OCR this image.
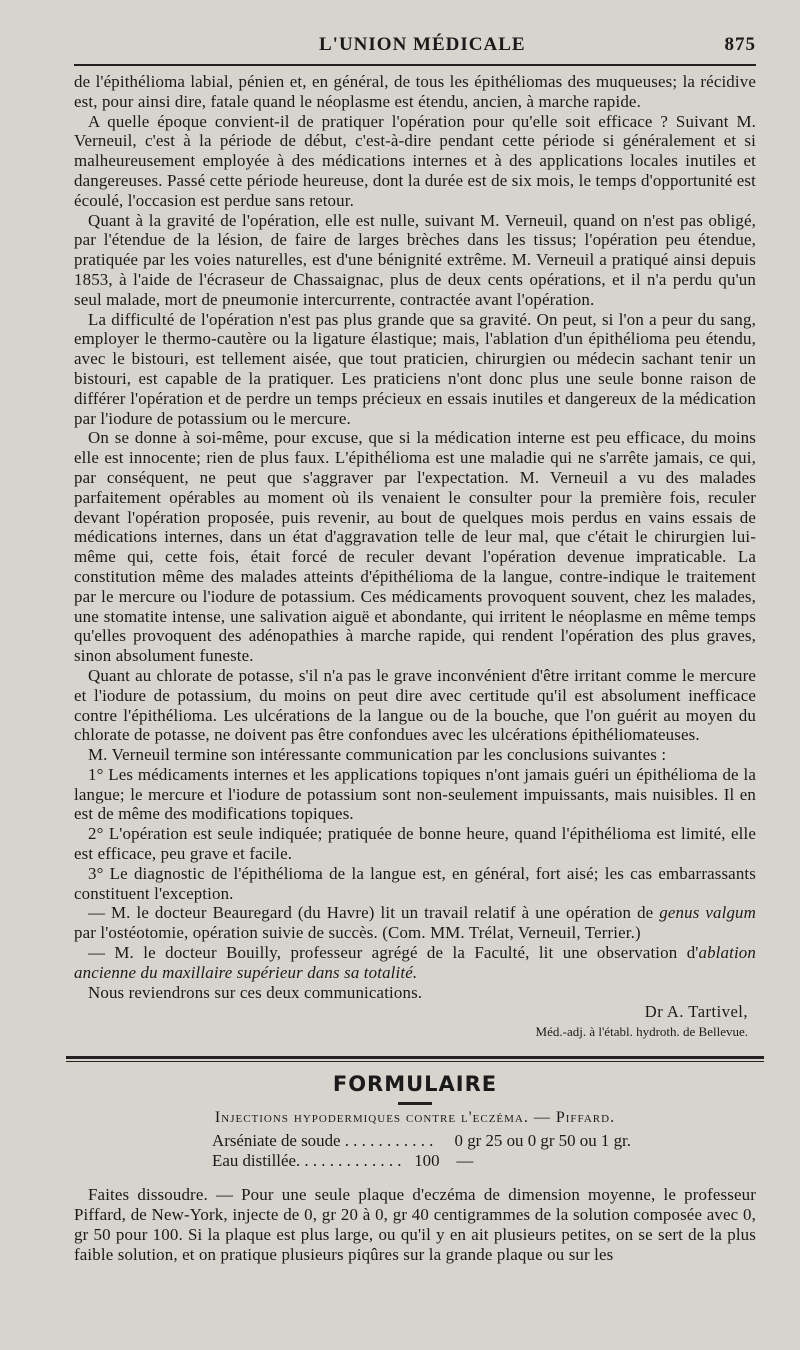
L'UNION MÉDICALE	875

de l'épithélioma labial, pénien et, en général, de tous les épithéliomas des muqueuses; la récidive est, pour ainsi dire, fatale quand le néoplasme est étendu, ancien, à marche rapide.

A quelle époque convient-il de pratiquer l'opération pour qu'elle soit efficace ? Suivant M. Verneuil, c'est à la période de début, c'est-à-dire pendant cette période si généralement et si malheureusement employée à des médications internes et à des applications locales inutiles et dangereuses. Passé cette période heureuse, dont la durée est de six mois, le temps d'opportunité est écoulé, l'occasion est perdue sans retour.

Quant à la gravité de l'opération, elle est nulle, suivant M. Verneuil, quand on n'est pas obligé, par l'étendue de la lésion, de faire de larges brèches dans les tissus; l'opération peu étendue, pratiquée par les voies naturelles, est d'une bénignité extrême. M. Verneuil a pratiqué ainsi depuis 1853, à l'aide de l'écraseur de Chassaignac, plus de deux cents opérations, et il n'a perdu qu'un seul malade, mort de pneumonie intercurrente, contractée avant l'opération.

La difficulté de l'opération n'est pas plus grande que sa gravité. On peut, si l'on a peur du sang, employer le thermo-cautère ou la ligature élastique; mais, l'ablation d'un épithélioma peu étendu, avec le bistouri, est tellement aisée, que tout praticien, chirurgien ou médecin sachant tenir un bistouri, est capable de la pratiquer. Les praticiens n'ont donc plus une seule bonne raison de différer l'opération et de perdre un temps précieux en essais inutiles et dangereux de la médication par l'iodure de potassium ou le mercure.

On se donne à soi-même, pour excuse, que si la médication interne est peu efficace, du moins elle est innocente; rien de plus faux. L'épithélioma est une maladie qui ne s'arrête jamais, ce qui, par conséquent, ne peut que s'aggraver par l'expectation. M. Verneuil a vu des malades parfaitement opérables au moment où ils venaient le consulter pour la première fois, reculer devant l'opération proposée, puis revenir, au bout de quelques mois perdus en vains essais de médications internes, dans un état d'aggravation telle de leur mal, que c'était le chirurgien lui-même qui, cette fois, était forcé de reculer devant l'opération devenue impraticable. La constitution même des malades atteints d'épithélioma de la langue, contre-indique le traitement par le mercure ou l'iodure de potassium. Ces médicaments provoquent souvent, chez les malades, une stomatite intense, une salivation aiguë et abondante, qui irritent le néoplasme en même temps qu'elles provoquent des adénopathies à marche rapide, qui rendent l'opération des plus graves, sinon absolument funeste.

Quant au chlorate de potasse, s'il n'a pas le grave inconvénient d'être irritant comme le mercure et l'iodure de potassium, du moins on peut dire avec certitude qu'il est absolument inefficace contre l'épithélioma. Les ulcérations de la langue ou de la bouche, que l'on guérit au moyen du chlorate de potasse, ne doivent pas être confondues avec les ulcérations épithéliomateuses.

M. Verneuil termine son intéressante communication par les conclusions suivantes :

1° Les médicaments internes et les applications topiques n'ont jamais guéri un épithélioma de la langue; le mercure et l'iodure de potassium sont non-seulement impuissants, mais nuisibles. Il en est de même des modifications topiques.

2° L'opération est seule indiquée; pratiquée de bonne heure, quand l'épithélioma est limité, elle est efficace, peu grave et facile.

3° Le diagnostic de l'épithélioma de la langue est, en général, fort aisé; les cas embarrassants constituent l'exception.

— M. le docteur Beauregard (du Havre) lit un travail relatif à une opération de genus valgum par l'ostéotomie, opération suivie de succès. (Com. MM. Trélat, Verneuil, Terrier.)

— M. le docteur Bouilly, professeur agrégé de la Faculté, lit une observation d'ablation ancienne du maxillaire supérieur dans sa totalité.

Nous reviendrons sur ces deux communications.

Dr A. Tartivel,
Méd.-adj. à l'établ. hydroth. de Bellevue.
FORMULAIRE
Injections hypodermiques contre l'eczéma. — Piffard.
Arséniate de soude . . . . . . . . . . .     0 gr 25 ou 0 gr 50 ou 1 gr.
Eau distillée. . . . . . . . . . . . .   100    —

Faites dissoudre. — Pour une seule plaque d'eczéma de dimension moyenne, le professeur Piffard, de New-York, injecte de 0, gr 20 à 0, gr 40 centigrammes de la solution composée avec 0, gr 50 pour 100. Si la plaque est plus large, ou qu'il y en ait plusieurs petites, on se sert de la plus faible solution, et on pratique plusieurs piqûres sur la grande plaque ou sur les
